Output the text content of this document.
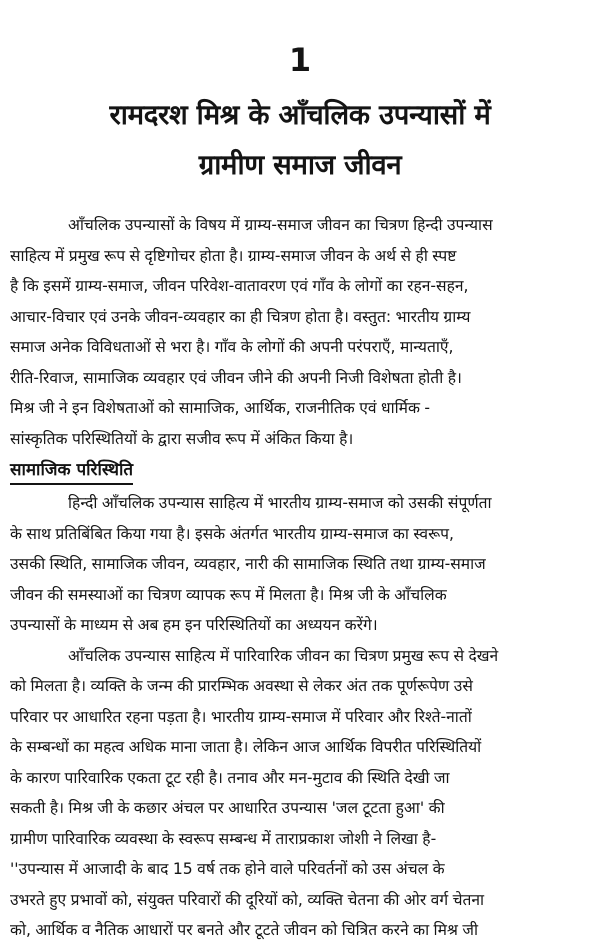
1
रामदरश मिश्र के आँचलिक उपन्यासों में
ग्रामीण समाज जीवन
आँचलिक उपन्यासों के विषय में ग्राम्य-समाज जीवन का चित्रण हिन्दी उपन्यास
साहित्य में प्रमुख रूप से दृष्टिगोचर होता है। ग्राम्य-समाज जीवन के अर्थ से ही स्पष्ट
है कि इसमें ग्राम्य-समाज, जीवन परिवेश-वातावरण एवं गाँव के लोगों का रहन-सहन,
आचार-विचार एवं उनके जीवन-व्यवहार का ही चित्रण होता है। वस्तुत: भारतीय ग्राम्य
समाज अनेक विविधताओं से भरा है। गाँव के लोगों की अपनी परंपराएँ, मान्यताएँ,
रीति-रिवाज, सामाजिक व्यवहार एवं जीवन जीने की अपनी निजी विशेषता होती है।
मिश्र जी ने इन विशेषताओं को सामाजिक, आर्थिक, राजनीतिक एवं धार्मिक -
सांस्कृतिक परिस्थितियों के द्वारा सजीव रूप में अंकित किया है।
सामाजिक परिस्थिति
हिन्दी आँचलिक उपन्यास साहित्य में भारतीय ग्राम्य-समाज को उसकी संपूर्णता
के साथ प्रतिबिंबित किया गया है। इसके अंतर्गत भारतीय ग्राम्य-समाज का स्वरूप,
उसकी स्थिति, सामाजिक जीवन, व्यवहार, नारी की सामाजिक स्थिति तथा ग्राम्य-समाज
जीवन की समस्याओं का चित्रण व्यापक रूप में मिलता है। मिश्र जी के आँचलिक
उपन्यासों के माध्यम से अब हम इन परिस्थितियों का अध्ययन करेंगे।
आँचलिक उपन्यास साहित्य में पारिवारिक जीवन का चित्रण प्रमुख रूप से देखने
को मिलता है। व्यक्ति के जन्म की प्रारम्भिक अवस्था से लेकर अंत तक पूर्णरूपेण उसे
परिवार पर आधारित रहना पड़ता है। भारतीय ग्राम्य-समाज में परिवार और रिश्ते-नातों
के सम्बन्धों का महत्व अधिक माना जाता है। लेकिन आज आर्थिक विपरीत परिस्थितियों
के कारण पारिवारिक एकता टूट रही है। तनाव और मन-मुटाव की स्थिति देखी जा
सकती है। मिश्र जी के कछार अंचल पर आधारित उपन्यास 'जल टूटता हुआ' की
ग्रामीण पारिवारिक व्यवस्था के स्वरूप सम्बन्ध में ताराप्रकाश जोशी ने लिखा है-
''उपन्यास में आजादी के बाद 15 वर्ष तक होने वाले परिवर्तनों को उस अंचल के
उभरते हुए प्रभावों को, संयुक्त परिवारों की दूरियों को, व्यक्ति चेतना की ओर वर्ग चेतना
को, आर्थिक व नैतिक आधारों पर बनते और टूटते जीवन को चित्रित करने का मिश्र जी
